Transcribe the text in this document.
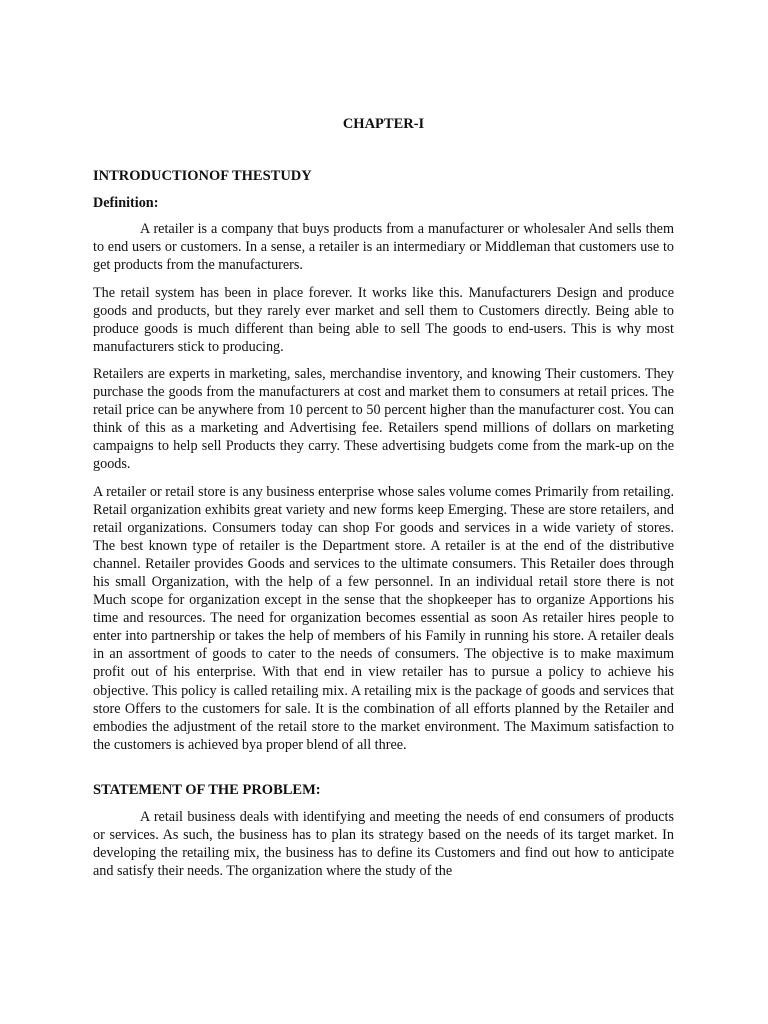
CHAPTER-I
INTRODUCTIONOF THESTUDY
Definition:

A retailer is a company that buys products from a manufacturer or wholesaler And sells them to end users or customers. In a sense, a retailer is an intermediary or Middleman that customers use to get products from the manufacturers.

The retail system has been in place forever. It works like this. Manufacturers Design and produce goods and products, but they rarely ever market and sell them to Customers directly. Being able to produce goods is much different than being able to sell The goods to end-users. This is why most manufacturers stick to producing.

Retailers are experts in marketing, sales, merchandise inventory, and knowing Their customers. They purchase the goods from the manufacturers at cost and market them to consumers at retail prices. The retail price can be anywhere from 10 percent to 50 percent higher than the manufacturer cost. You can think of this as a marketing and Advertising fee. Retailers spend millions of dollars on marketing campaigns to help sell Products they carry. These advertising budgets come from the mark-up on the goods.

A retailer or retail store is any business enterprise whose sales volume comes Primarily from retailing. Retail organization exhibits great variety and new forms keep Emerging. These are store retailers, and retail organizations. Consumers today can shop For goods and services in a wide variety of stores. The best known type of retailer is the Department store. A retailer is at the end of the distributive channel. Retailer provides Goods and services to the ultimate consumers. This Retailer does through his small Organization, with the help of a few personnel. In an individual retail store there is not Much scope for organization except in the sense that the shopkeeper has to organize Apportions his time and resources. The need for organization becomes essential as soon As retailer hires people to enter into partnership or takes the help of members of his Family in running his store. A retailer deals in an assortment of goods to cater to the needs of consumers. The objective is to make maximum profit out of his enterprise. With that end in view retailer has to pursue a policy to achieve his objective. This policy is called retailing mix. A retailing mix is the package of goods and services that store Offers to the customers for sale. It is the combination of all efforts planned by the Retailer and embodies the adjustment of the retail store to the market environment. The Maximum satisfaction to the customers is achieved bya proper blend of all three.

STATEMENT OF THE PROBLEM:

A retail business deals with identifying and meeting the needs of end consumers of products or services. As such, the business has to plan its strategy based on the needs of its target market. In developing the retailing mix, the business has to define its Customers and find out how to anticipate and satisfy their needs. The organization where the study of the
